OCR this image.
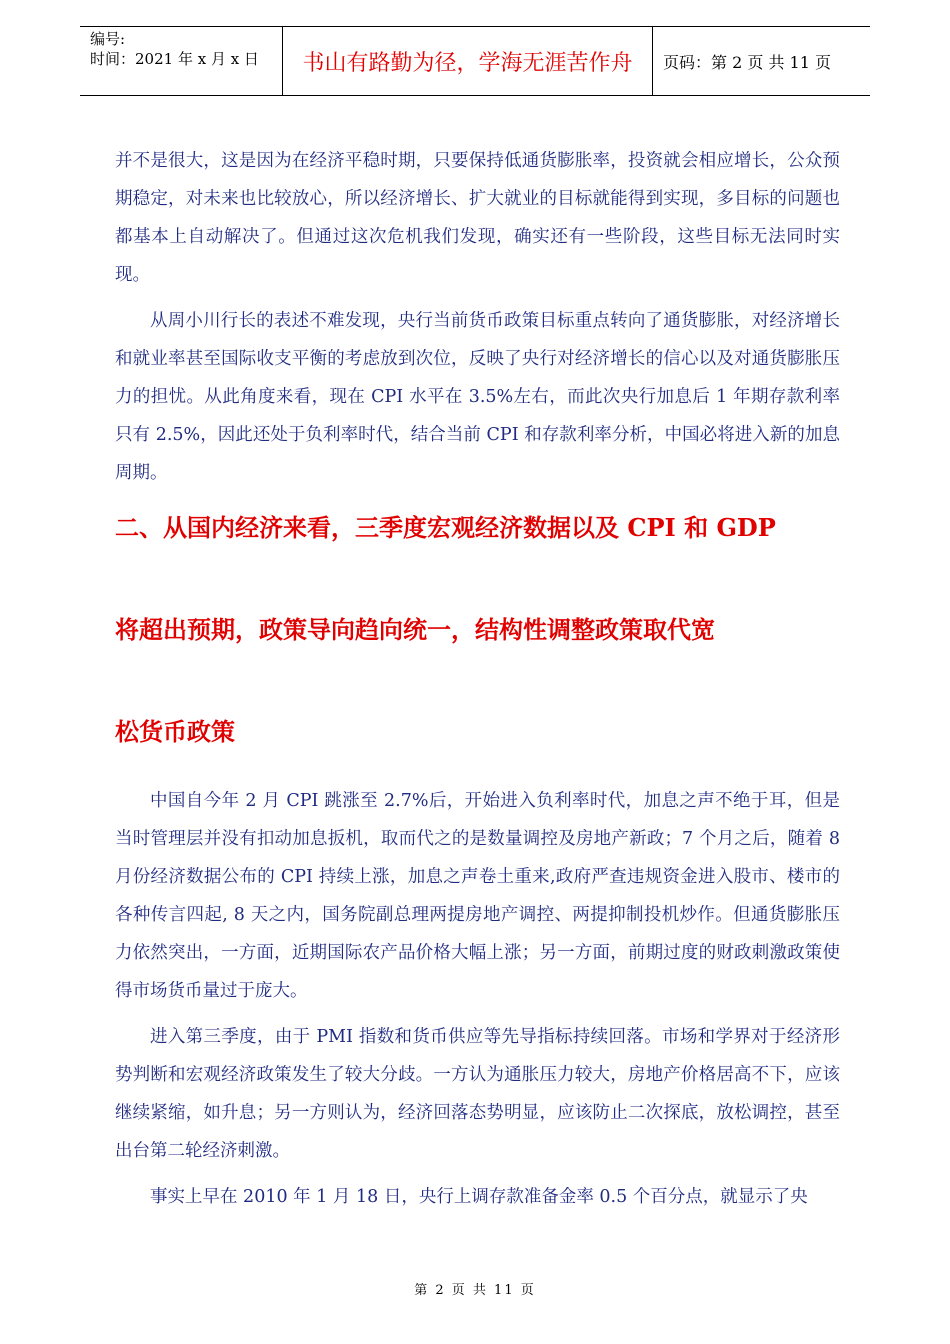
编号:
时间：2021 年 x 月 x 日	书山有路勤为径，学海无涯苦作舟	页码：第 2 页 共 11 页

并不是很大，这是因为在经济平稳时期，只要保持低通货膨胀率，投资就会相应增长，公众预期稳定，对未来也比较放心，所以经济增长、扩大就业的目标就能得到实现，多目标的问题也都基本上自动解决了。但通过这次危机我们发现，确实还有一些阶段，这些目标无法同时实现。

从周小川行长的表述不难发现，央行当前货币政策目标重点转向了通货膨胀，对经济增长和就业率甚至国际收支平衡的考虑放到次位，反映了央行对经济增长的信心以及对通货膨胀压力的担忧。从此角度来看，现在 CPI 水平在 3.5%左右，而此次央行加息后 1 年期存款利率只有 2.5%，因此还处于负利率时代，结合当前 CPI 和存款利率分析，中国必将进入新的加息周期。

二、从国内经济来看，三季度宏观经济数据以及 CPI 和 GDP
将超出预期，政策导向趋向统一，结构性调整政策取代宽
松货币政策

中国自今年 2 月 CPI 跳涨至 2.7%后，开始进入负利率时代，加息之声不绝于耳，但是当时管理层并没有扣动加息扳机，取而代之的是数量调控及房地产新政；7 个月之后，随着 8 月份经济数据公布的 CPI 持续上涨，加息之声卷土重来,政府严查违规资金进入股市、楼市的各种传言四起, 8 天之内，国务院副总理两提房地产调控、两提抑制投机炒作。但通货膨胀压力依然突出，一方面，近期国际农产品价格大幅上涨；另一方面，前期过度的财政刺激政策使得市场货币量过于庞大。

进入第三季度，由于 PMI 指数和货币供应等先导指标持续回落。市场和学界对于经济形势判断和宏观经济政策发生了较大分歧。一方认为通胀压力较大，房地产价格居高不下，应该继续紧缩，如升息；另一方则认为，经济回落态势明显，应该防止二次探底，放松调控，甚至出台第二轮经济刺激。

事实上早在 2010 年 1 月 18 日，央行上调存款准备金率 0.5 个百分点，就显示了央

第 2 页 共 11 页
